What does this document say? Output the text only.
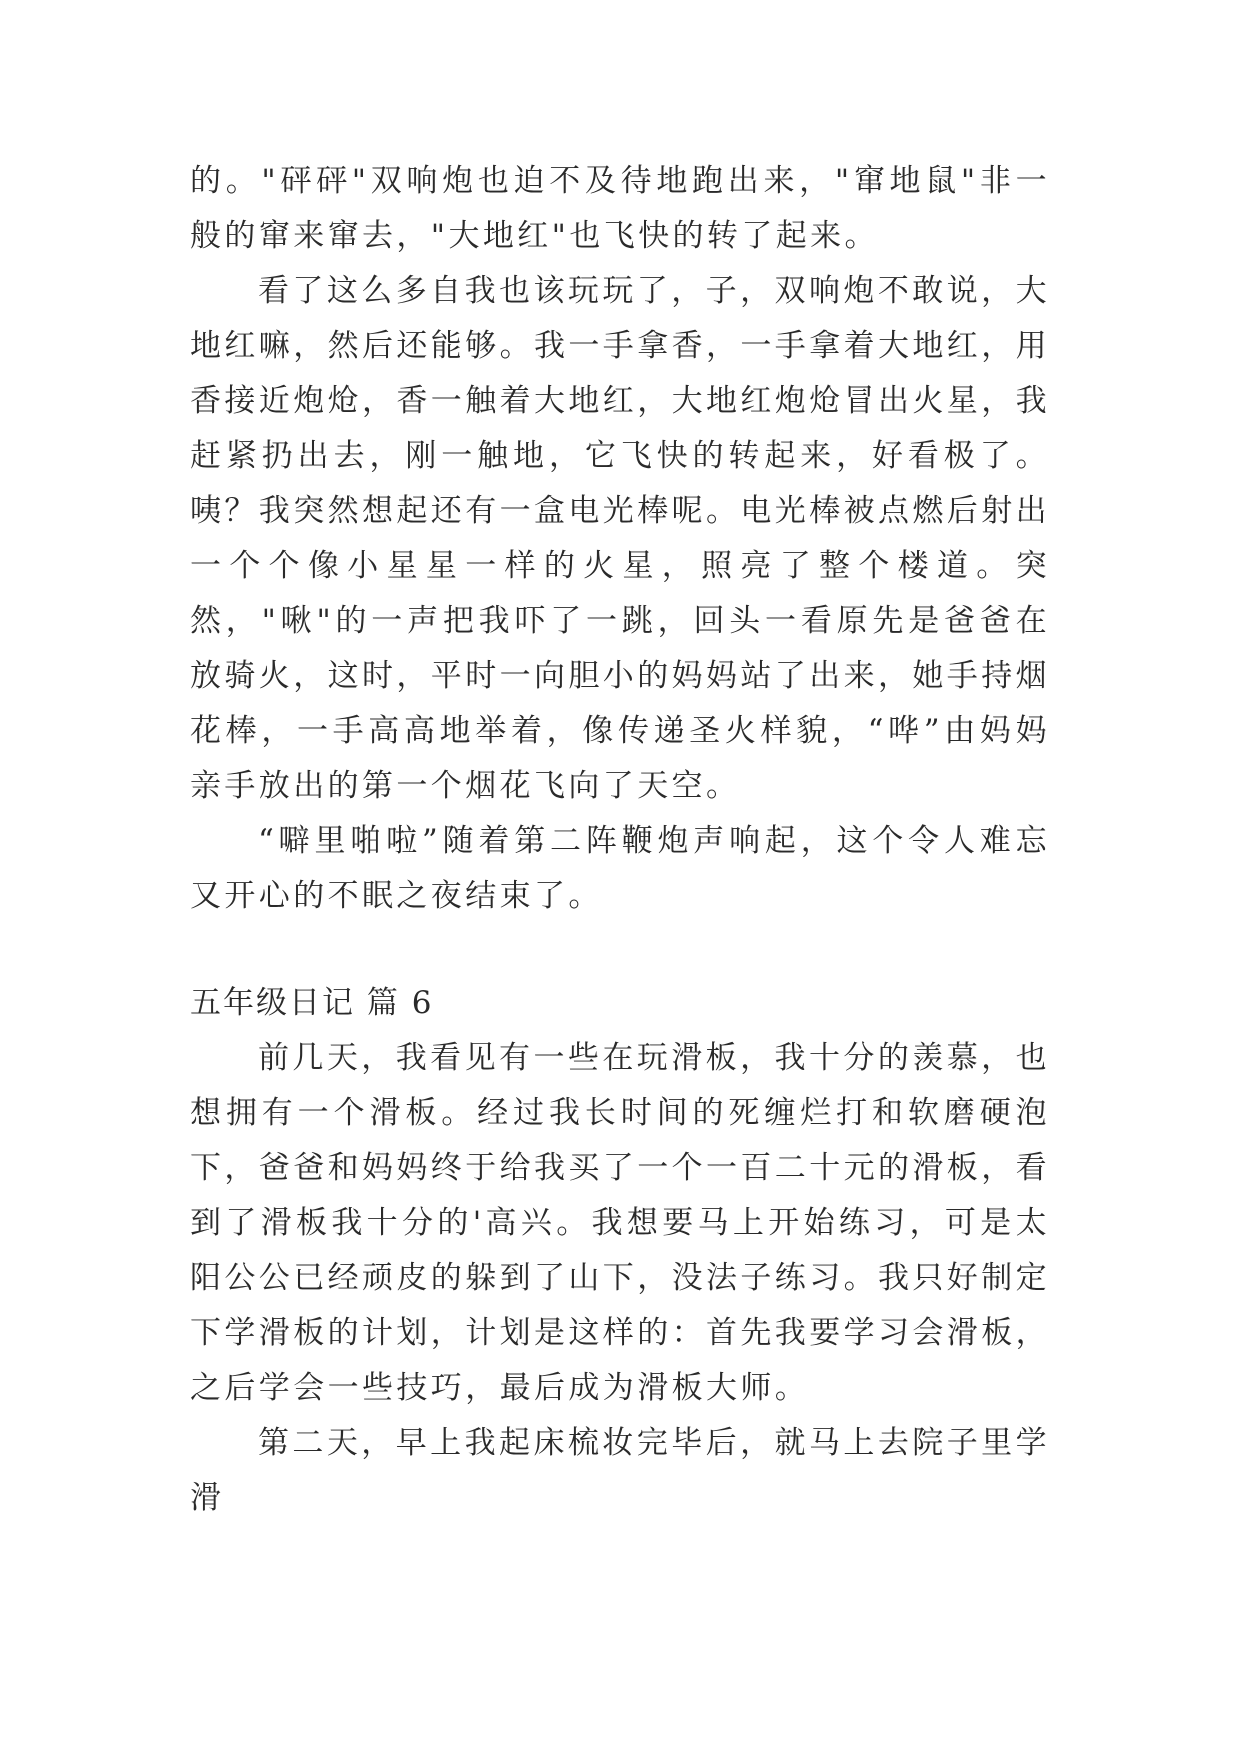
的。"砰砰"双响炮也迫不及待地跑出来，"窜地鼠"非一般的窜来窜去，"大地红"也飞快的转了起来。

看了这么多自我也该玩玩了，子，双响炮不敢说，大地红嘛，然后还能够。我一手拿香，一手拿着大地红，用香接近炮炝，香一触着大地红，大地红炮炝冒出火星，我赶紧扔出去，刚一触地，它飞快的转起来，好看极了。咦？我突然想起还有一盒电光棒呢。电光棒被点燃后射出一个个像小星星一样的火星，照亮了整个楼道。突然，"啾"的一声把我吓了一跳，回头一看原先是爸爸在放骑火，这时，平时一向胆小的妈妈站了出来，她手持烟花棒，一手高高地举着，像传递圣火样貌，“哗”由妈妈亲手放出的第一个烟花飞向了天空。

“噼里啪啦”随着第二阵鞭炮声响起，这个令人难忘又开心的不眠之夜结束了。

五年级日记 篇 6

前几天，我看见有一些在玩滑板，我十分的羡慕，也想拥有一个滑板。经过我长时间的死缠烂打和软磨硬泡下，爸爸和妈妈终于给我买了一个一百二十元的滑板，看到了滑板我十分的'高兴。我想要马上开始练习，可是太阳公公已经顽皮的躲到了山下，没法子练习。我只好制定下学滑板的计划，计划是这样的：首先我要学习会滑板，之后学会一些技巧，最后成为滑板大师。

第二天，早上我起床梳妆完毕后，就马上去院子里学滑
